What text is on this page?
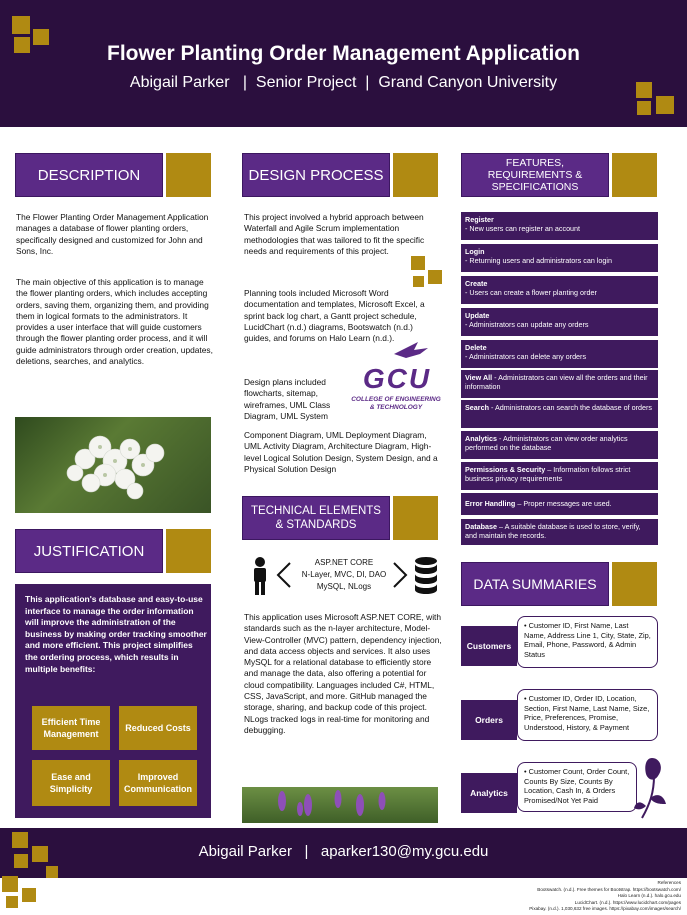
Flower Planting Order Management Application
Abigail Parker   |  Senior Project  |  Grand Canyon University
DESCRIPTION
The Flower Planting Order Management Application manages a database of flower planting orders, specifically designed and customized for John and Sons, Inc.
The main objective of this application is to manage the flower planting orders, which includes accepting orders, saving them, organizing them, and providing them in logical formats to the administrators. It provides a user interface that will guide customers through the flower planting order process, and it will guide administrators through order creation, updates, deletions, searches, and analytics.
JUSTIFICATION
This application's database and easy-to-use interface to manage the order information will improve the administration of the business by making order tracking smoother and more efficient. This project simplifies the ordering process, which results in multiple benefits:
Efficient Time Management
Reduced Costs
Ease and Simplicity
Improved Communication
DESIGN PROCESS
This project involved a hybrid approach between Waterfall and Agile Scrum implementation methodologies that was tailored to fit the specific needs and requirements of this project.
Planning tools included Microsoft Word documentation and templates, Microsoft Excel, a sprint back log chart, a Gantt project schedule, LucidChart (n.d.) diagrams, Bootswatch (n.d.) guides, and forums on Halo Learn (n.d.).
Design plans included flowcharts, sitemap, wireframes, UML Class Diagram, UML System
Component Diagram, UML Deployment Diagram, UML Activity Diagram, Architecture Diagram, High-level Logical Solution Design, System Design, and a Physical Solution Design
GCU
COLLEGE OF ENGINEERING
& TECHNOLOGY
TECHNICAL ELEMENTS
& STANDARDS
ASP.NET CORE
N-Layer, MVC, DI, DAO
MySQL, NLogs
This application uses Microsoft ASP.NET CORE, with standards such as the n-layer architecture, Model-View-Controller (MVC) pattern, dependency injection, and data access objects and services. It also uses MySQL for a relational database to efficiently store and manage the data, also offering a potential for cloud compatibility. Languages included C#, HTML, CSS, JavaScript, and more. GitHub managed the storage, sharing, and backup code of this project. NLogs tracked logs in real-time for monitoring and debugging.
FEATURES,
REQUIREMENTS &
SPECIFICATIONS
Register
- New users can register an account
Login
- Returning users and administrators can login
Create
- Users can create a flower planting order
Update
- Administrators can update any orders
Delete
- Administrators can delete any orders
View All - Administrators can view all the orders and their information
Search - Administrators can search the database of orders
Analytics - Administrators can view order analytics performed on the database
Permissions & Security – Information follows strict business privacy requirements
Error Handling – Proper messages are used.
Database – A suitable database is used to store, verify, and maintain the records.
DATA SUMMARIES
Customers
• Customer ID, First Name, Last Name, Address Line 1, City, State, Zip, Email, Phone, Password, & Admin Status
Orders
• Customer ID, Order ID, Location, Section, First Name, Last Name, Size, Price, Preferences, Promise, Understood, History, & Payment
Analytics
• Customer Count, Order Count, Counts By Size, Counts By Location, Cash In, & Orders Promised/Not Yet Paid
Abigail Parker   |   aparker130@my.gcu.edu
References
Bootswatch. (n.d.). Free themes for Bootstrap. https://bootswatch.com/
Halo Learn (n.d.). halo.gcu.edu
LucidChart. (n.d.). https://www.lucidchart.com/pages
Pixabay. (n.d.). 1,030,632 free images. https://pixabay.com/images/search/
